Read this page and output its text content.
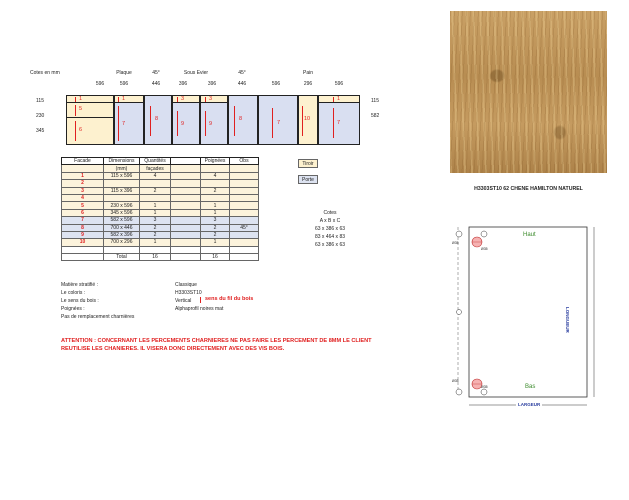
Cotes en mm
596
Plaque
596
45°
446
Sous Evier
396	396
45°
446	596
Pain
296	596
115
230
345
115
582
1
5
6
1
7
8
3
9
3
9
8
7
10
1
7
Facade	Dimensions	Quantités		Poignées	Obs
	(mm)	façades			
1	115 x 596	4		4	
2					
3	115 x 396	2		2	
4					
5	230 x 596	1		1	
6	345 x 596	1		1	
7	582 x 596	3		3	
8	700 x 446	2		2	45°
9	582 x 396	2		2	
10	700 x 296	1		1	

	Total	16		16	
Tiroir
Porte
Cotes
A x B x C
63 x 386 x 63
83 x 464 x 83
63 x 386 x 63
Matière stratifié :	Classique
Le coloris :	H3303ST10
Le sens du bois :	Vertical sens du fil du bois
Poignées :	Alphaprofil noires mat
Pas de remplacement charnières
ATTENTION : CONCERNANT LES PERCEMENTS CHARNIERES NE PAS FAIRE LES PERCEMENT DE 8MM LE CLIENT
REUTILISE LES CHANIERES. IL VISERA DONC DIRECTEMENT AVEC DES VIS BOIS.
H3303ST10 62 CHENE HAMILTON NATUREL
Haut
Bas
LARGEUR
LONGUEUR
Ø35
Ø35
Ø35
Ø35
